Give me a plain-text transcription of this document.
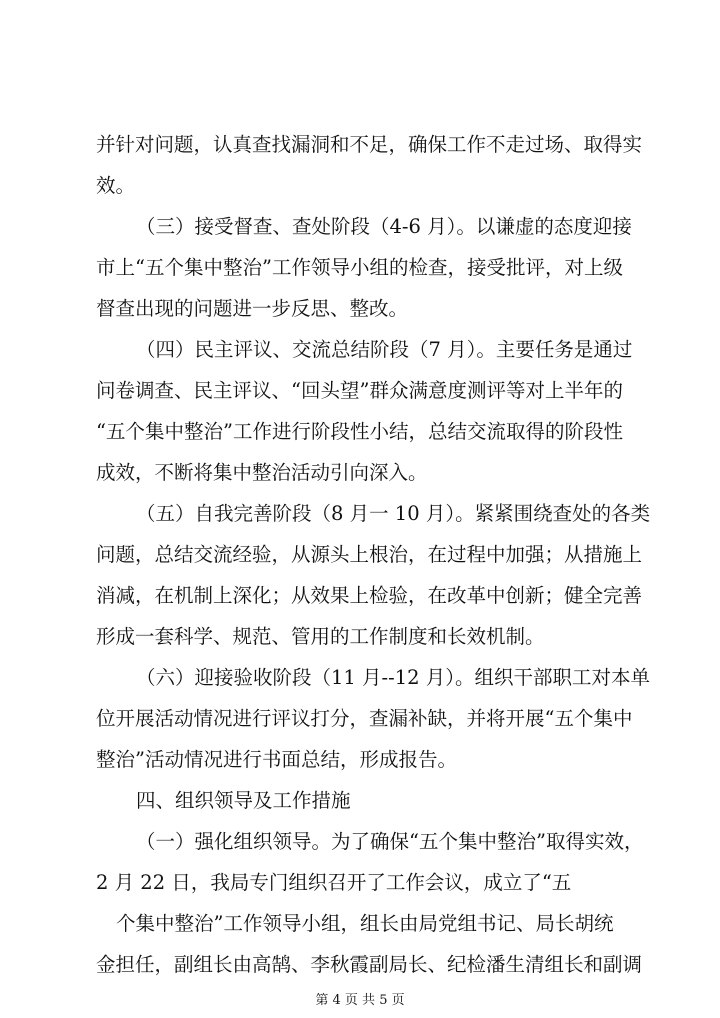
并针对问题，认真查找漏洞和不足，确保工作不走过场、取得实
效。
（三）接受督查、查处阶段（4-6 月）。以谦虚的态度迎接
市上“五个集中整治”工作领导小组的检查，接受批评，对上级
督查出现的问题进一步反思、整改。
（四）民主评议、交流总结阶段（7 月）。主要任务是通过
问卷调查、民主评议、“回头望”群众满意度测评等对上半年的
“五个集中整治”工作进行阶段性小结，总结交流取得的阶段性
成效，不断将集中整治活动引向深入。
（五）自我完善阶段（8 月一 10 月）。紧紧围绕查处的各类
问题，总结交流经验，从源头上根治，在过程中加强；从措施上
消减，在机制上深化；从效果上检验，在改革中创新；健全完善
形成一套科学、规范、管用的工作制度和长效机制。
（六）迎接验收阶段（11 月--12 月）。组织干部职工对本单
位开展活动情况进行评议打分，查漏补缺，并将开展“五个集中
整治”活动情况进行书面总结，形成报告。
四、组织领导及工作措施
（一）强化组织领导。为了确保“五个集中整治”取得实效，
2 月 22 日，我局专门组织召开了工作会议，成立了“五
个集中整治”工作领导小组，组长由局党组书记、局长胡统
金担任，副组长由高鹄、李秋霞副局长、纪检潘生清组长和副调
第 4 页 共 5 页
